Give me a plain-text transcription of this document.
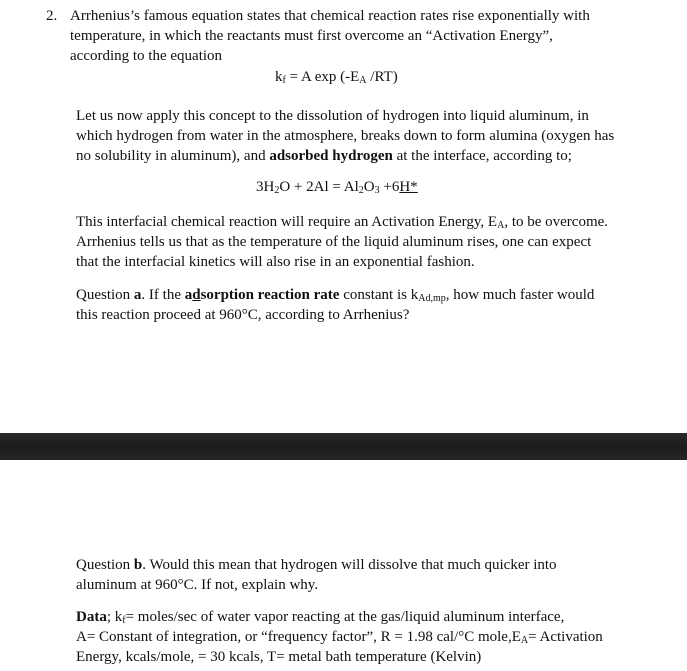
2. Arrhenius’s famous equation states that chemical reaction rates rise exponentially with
temperature, in which the reactants must first overcome an “Activation Energy”,
according to the equation
$k_f = A$ $\exp (-E_A$ /RT)
Let us now apply this concept to the dissolution of hydrogen into liquid aluminum, in
which hydrogen from water in the atmosphere, breaks down to form alumina (oxygen has
no solubility in aluminum), and adsorbed hydrogen at the interface, according to;
$3H_2O + 2Al = Al_2O_3 +6H*$
This interfacial chemical reaction will require an Activation Energy, $E_A$, to be overcome.
Arrhenius tells us that as the temperature of the liquid aluminum rises, one can expect
that the interfacial kinetics will also rise in an exponential fashion.
Question a. If the adsorption reaction rate constant is $k_{Ad,mp}$, how much faster would
this reaction proceed at 960°C, according to Arrhenius?
Question b. Would this mean that hydrogen will dissolve that much quicker into
aluminum at 960°C. If not, explain why.
Data; $k_f=$ moles/sec of water vapor reacting at the gas/liquid aluminum interface,
A= Constant of integration, or “frequency factor”, R = 1.98 cal/°C $mole,E_A=$ Activation
Energy, kcals/mole, = 30 kcals, T= metal bath temperature (Kelvin)
